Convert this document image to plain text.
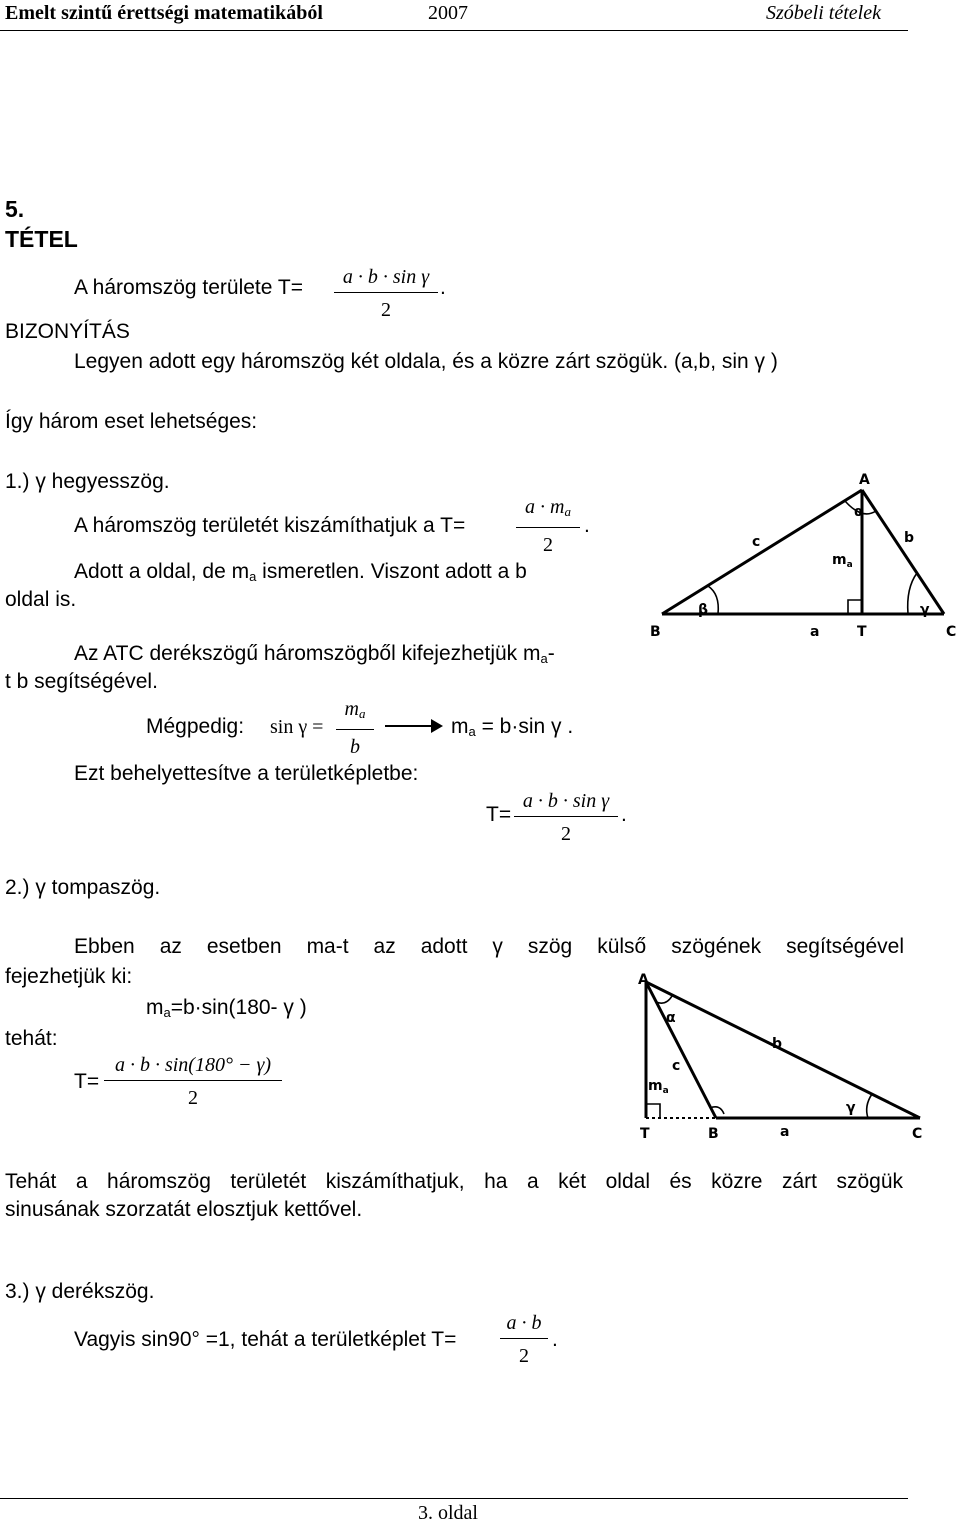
Emelt szintű érettségi matematikából	2007	Szóbeli tételek
5.
TÉTEL
A háromszög területe T=	a · b · sin γ
2
.
BIZONYÍTÁS
Legyen adott egy háromszög két oldala, és a közre zárt szögük. (a,b, sin γ )
Így három eset lehetséges:
1.) γ hegyesszög.
A háromszög területét kiszámíthatjuk a T=
$a \cdot m_a$
2
.
Adott a oldal, de $m_a$ ismeretlen. Viszont adott a b
oldal is.
Az ATC derékszögű háromszögből kifejezhetjük $m_a-$
t b segítségével.
Mégpedig: sin γ =
$m_a$
b
$m_a = b\cdot\sin$ γ .
Ezt behelyettesítve a területképletbe:
T=
a · b · sin γ
2
.
A
B	C
T
a
c	b
α
β	γ
$m_a$
2.) γ tompaszög.
Ebben az esetben ma-t az adott γ szög külső szögének segítségével
fejezhetjük ki:
$m_a=b\cdot\sin(180-$ γ )
tehát:
T=
a · b · sin(180° − γ)
2
A
T	B	C
a
b
c
α
γ
$m_a$
Tehát a háromszög területét kiszámíthatjuk, ha a két oldal és közre zárt szögük
sinusának szorzatát elosztjuk kettővel.
3.) γ derékszög.
Vagyis sin90° =1, tehát a területképlet T=
a · b
2
.
3. oldal
